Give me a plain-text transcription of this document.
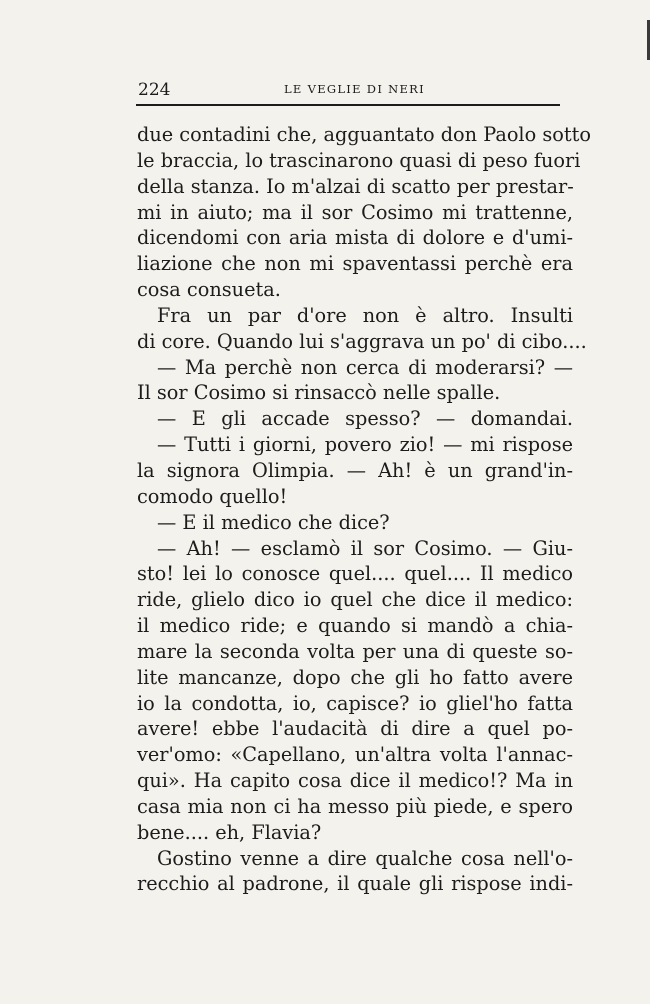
224	LE VEGLIE DI NERI
due contadini che, agguantato don Paolo sotto
le braccia, lo trascinarono quasi di peso fuori
della stanza. Io m'alzai di scatto per prestar-
mi in aiuto; ma il sor Cosimo mi trattenne,
dicendomi con aria mista di dolore e d'umi-
liazione che non mi spaventassi perchè era
cosa consueta.
Fra un par d'ore non è altro. Insulti
di core. Quando lui s'aggrava un po' di cibo....
— Ma perchè non cerca di moderarsi? —
Il sor Cosimo si rinsaccò nelle spalle.
— E gli accade spesso? — domandai.
— Tutti i giorni, povero zio! — mi rispose
la signora Olimpia. — Ah! è un grand'in-
comodo quello!
— E il medico che dice?
— Ah! — esclamò il sor Cosimo. — Giu-
sto! lei lo conosce quel.... quel.... Il medico
ride, glielo dico io quel che dice il medico:
il medico ride; e quando si mandò a chia-
mare la seconda volta per una di queste so-
lite mancanze, dopo che gli ho fatto avere
io la condotta, io, capisce? io gliel'ho fatta
avere! ebbe l'audacità di dire a quel po-
ver'omo: «Capellano, un'altra volta l'annac-
qui». Ha capito cosa dice il medico!? Ma in
casa mia non ci ha messo più piede, e spero
bene.... eh, Flavia?
Gostino venne a dire qualche cosa nell'o-
recchio al padrone, il quale gli rispose indi-
